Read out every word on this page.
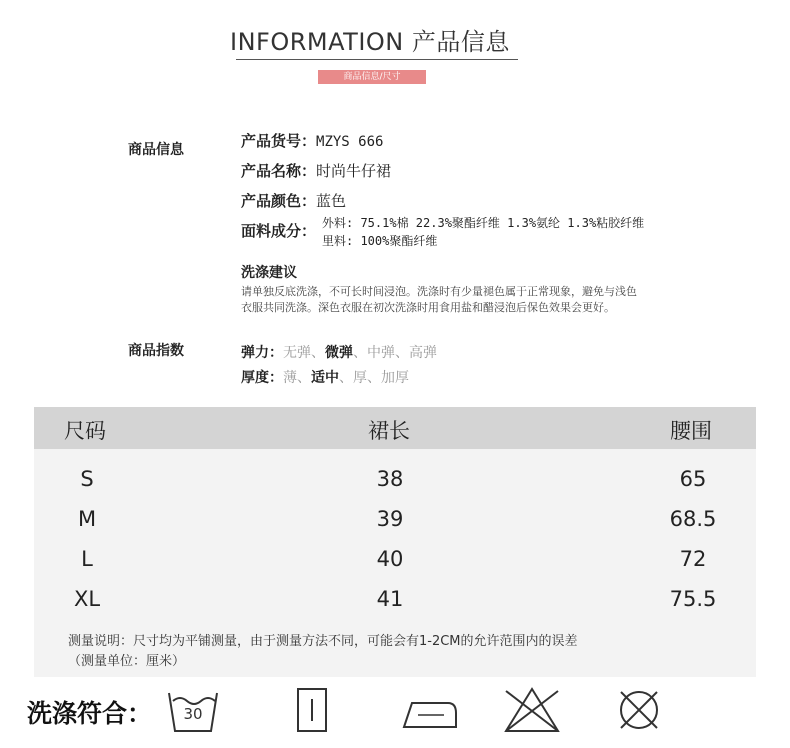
INFORMATION 产品信息
商品信息/尺寸
商品信息	产品货号：MZYS 666
产品名称：时尚牛仔裙
产品颜色：蓝色
面料成分： 外料: 75.1%棉 22.3%聚酯纤维 1.3%氨纶 1.3%粘胶纤维
里料: 100%聚酯纤维
洗涤建议
请单独反底洗涤，不可长时间浸泡。洗涤时有少量褪色属于正常现象，避免与浅色衣服共同洗涤。深色衣服在初次洗涤时用食用盐和醋浸泡后保色效果会更好。
商品指数	弹力：无弹、微弹、中弹、高弹
厚度：薄、适中、厚、加厚
尺码	裙长	腰围
S	38	65
M	39	68.5
L	40	72
XL	41	75.5
测量说明：尺寸均为平铺测量，由于测量方法不同，可能会有1-2CM的允许范围内的误差
（测量单位：厘米）
洗涤符合： 30
